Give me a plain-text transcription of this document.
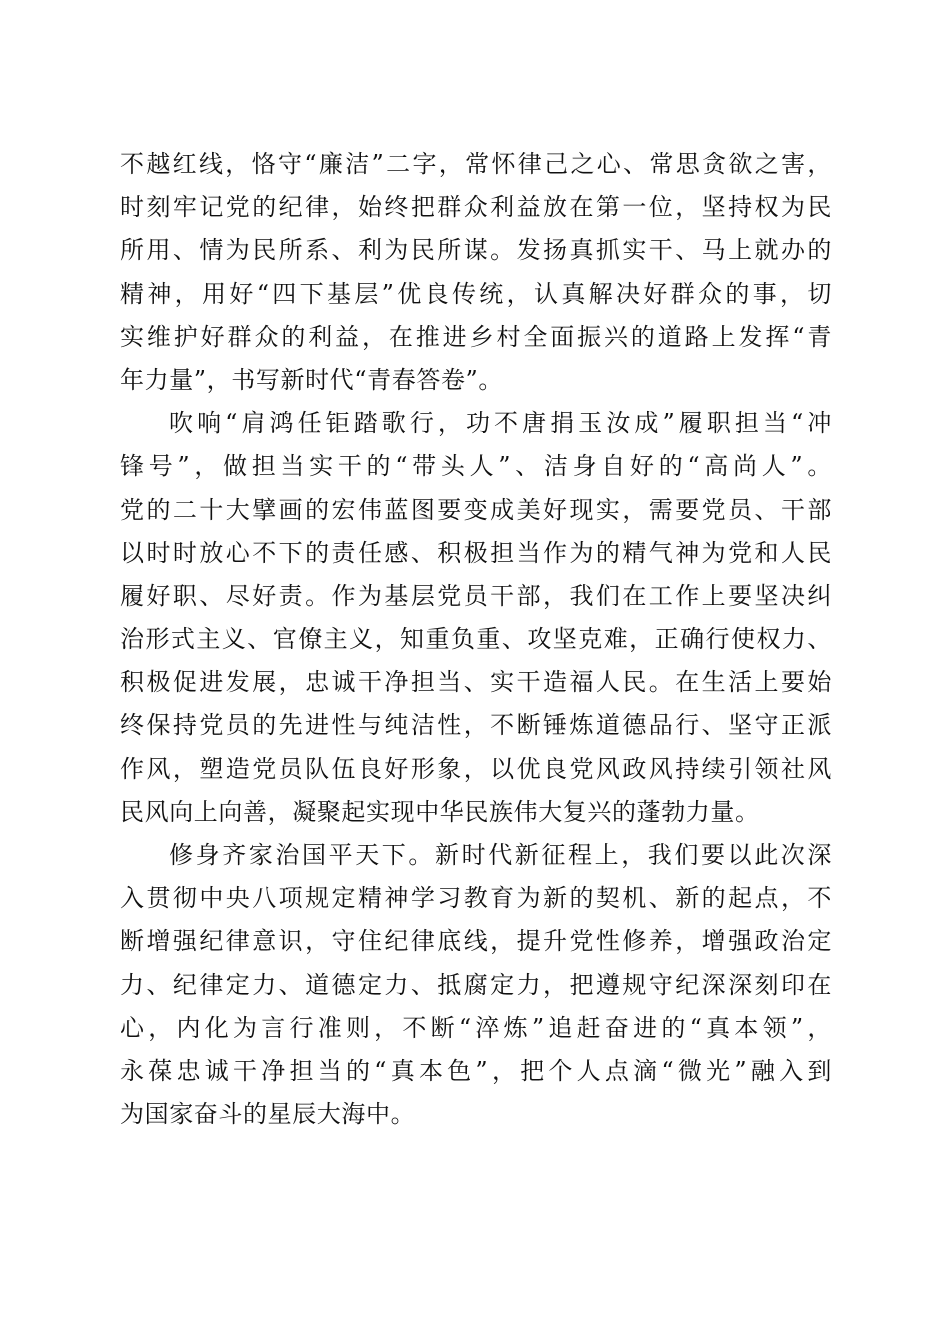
不越红线，恪守“廉洁”二字，常怀律己之心、常思贪欲之害，
时刻牢记党的纪律，始终把群众利益放在第一位，坚持权为民
所用、情为民所系、利为民所谋。发扬真抓实干、马上就办的
精神，用好“四下基层”优良传统，认真解决好群众的事，切
实维护好群众的利益，在推进乡村全面振兴的道路上发挥“青
年力量”，书写新时代“青春答卷”。
吹响“肩鸿任钜踏歌行，功不唐捐玉汝成”履职担当“冲
锋号”，做担当实干的“带头人”、洁身自好的“高尚人”。
党的二十大擘画的宏伟蓝图要变成美好现实，需要党员、干部
以时时放心不下的责任感、积极担当作为的精气神为党和人民
履好职、尽好责。作为基层党员干部，我们在工作上要坚决纠
治形式主义、官僚主义，知重负重、攻坚克难，正确行使权力、
积极促进发展，忠诚干净担当、实干造福人民。在生活上要始
终保持党员的先进性与纯洁性，不断锤炼道德品行、坚守正派
作风，塑造党员队伍良好形象，以优良党风政风持续引领社风
民风向上向善，凝聚起实现中华民族伟大复兴的蓬勃力量。
修身齐家治国平天下。新时代新征程上，我们要以此次深
入贯彻中央八项规定精神学习教育为新的契机、新的起点，不
断增强纪律意识，守住纪律底线，提升党性修养，增强政治定
力、纪律定力、道德定力、抵腐定力，把遵规守纪深深刻印在
心，内化为言行准则，不断“淬炼”追赶奋进的“真本领”，
永葆忠诚干净担当的“真本色”，把个人点滴“微光”融入到
为国家奋斗的星辰大海中。
